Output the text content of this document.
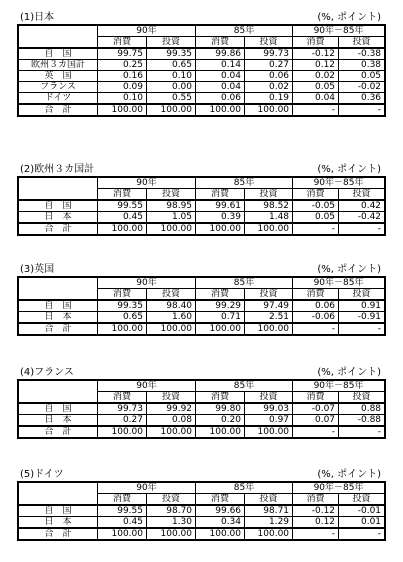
(1)日本	(%, ポイント)
	90年		85年		90年－85年	
	消費	投資	消費	投資	消費	投資
自　国	99.75	99.35	99.86	99.73	-0.12	-0.38
欧州３カ国計	0.25	0.65	0.14	0.27	0.12	0.38
英　国	0.16	0.10	0.04	0.06	0.02	0.05
フランス	0.09	0.00	0.04	0.02	0.05	-0.02
ドイツ	0.10	0.55	0.06	0.19	0.04	0.36
合　計	100.00	100.00	100.00	100.00	-	-
(2)欧州３カ国計	(%, ポイント)
	90年		85年		90年－85年	
	消費	投資	消費	投資	消費	投資
自　国	99.55	98.95	99.61	98.52	-0.05	0.42
日　本	0.45	1.05	0.39	1.48	0.05	-0.42
合　計	100.00	100.00	100.00	100.00	-	-
(3)英国	(%, ポイント)
	90年		85年		90年－85年	
	消費	投資	消費	投資	消費	投資
自　国	99.35	98.40	99.29	97.49	0.06	0.91
日　本	0.65	1.60	0.71	2.51	-0.06	-0.91
合　計	100.00	100.00	100.00	100.00	-	-
(4)フランス	(%, ポイント)
	90年		85年		90年－85年	
	消費	投資	消費	投資	消費	投資
自　国	99.73	99.92	99.80	99.03	-0.07	0.88
日　本	0.27	0.08	0.20	0.97	0.07	-0.88
合　計	100.00	100.00	100.00	100.00	-	-
(5)ドイツ	(%, ポイント)
	90年		85年		90年－85年	
	消費	投資	消費	投資	消費	投資
自　国	99.55	98.70	99.66	98.71	-0.12	-0.01
日　本	0.45	1.30	0.34	1.29	0.12	0.01
合　計	100.00	100.00	100.00	100.00	-	-
